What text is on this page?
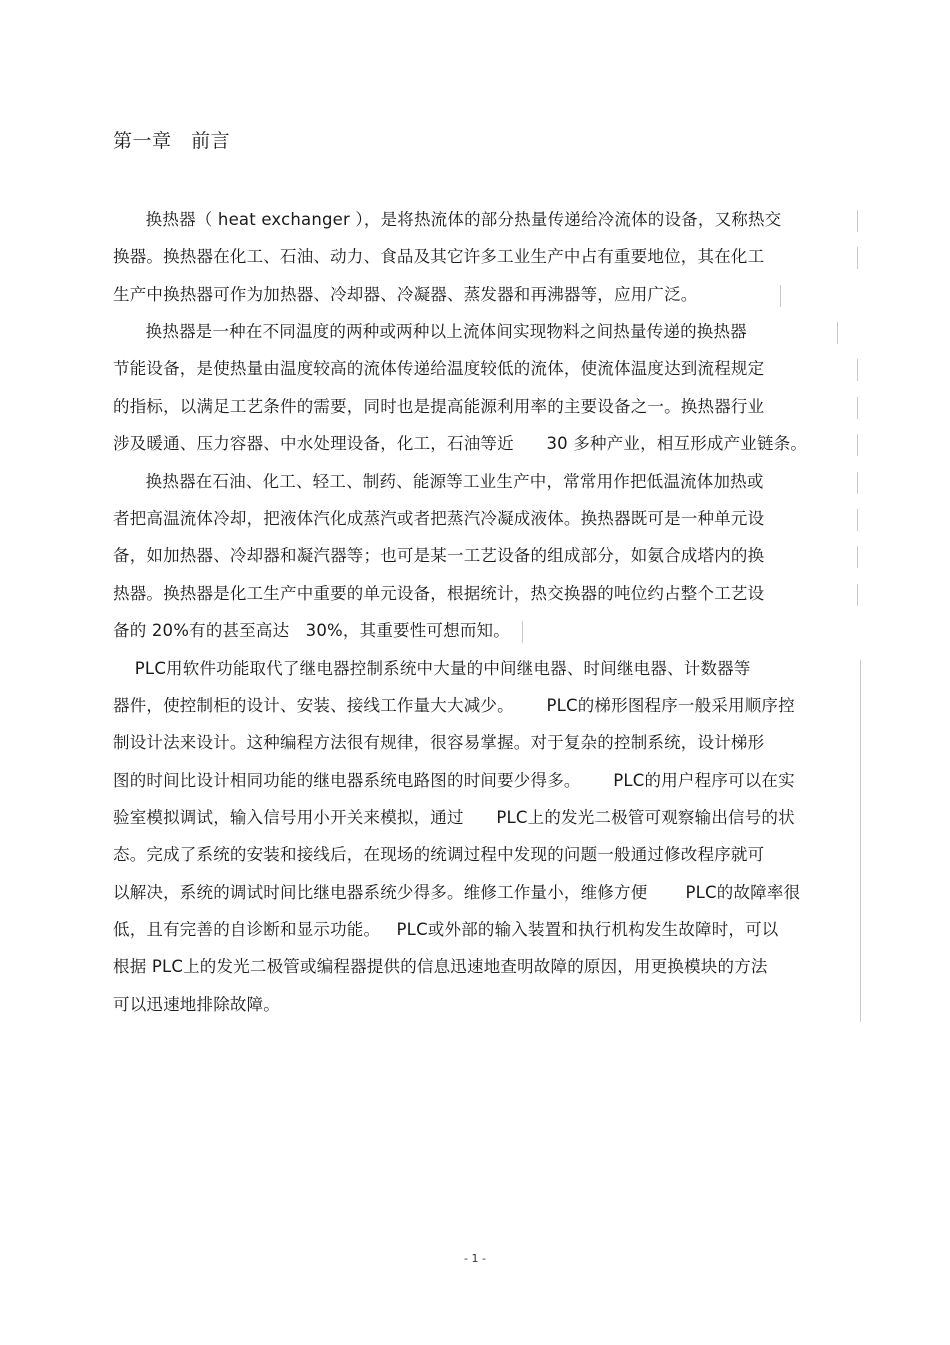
第一章   前言
换热器（ heat exchanger ），是将热流体的部分热量传递给冷流体的设备，又称热交
换器。换热器在化工、石油、动力、食品及其它许多工业生产中占有重要地位，其在化工
生产中换热器可作为加热器、冷却器、冷凝器、蒸发器和再沸器等，应用广泛。
换热器是一种在不同温度的两种或两种以上流体间实现物料之间热量传递的换热器
节能设备，是使热量由温度较高的流体传递给温度较低的流体，使流体温度达到流程规定
的指标，以满足工艺条件的需要，同时也是提高能源利用率的主要设备之一。换热器行业
涉及暖通、压力容器、中水处理设备，化工，石油等近      30 多种产业，相互形成产业链条。
换热器在石油、化工、轻工、制药、能源等工业生产中，常常用作把低温流体加热或
者把高温流体冷却，把液体汽化成蒸汽或者把蒸汽冷凝成液体。换热器既可是一种单元设
备，如加热器、冷却器和凝汽器等；也可是某一工艺设备的组成部分，如氨合成塔内的换
热器。换热器是化工生产中重要的单元设备，根据统计，热交换器的吨位约占整个工艺设
备的 20%有的甚至高达   30%，其重要性可想而知。
PLC用软件功能取代了继电器控制系统中大量的中间继电器、时间继电器、计数器等
器件，使控制柜的设计、安装、接线工作量大大减少。      PLC的梯形图程序一般采用顺序控
制设计法来设计。这种编程方法很有规律，很容易掌握。对于复杂的控制系统，设计梯形
图的时间比设计相同功能的继电器系统电路图的时间要少得多。      PLC的用户程序可以在实
验室模拟调试，输入信号用小开关来模拟，通过      PLC上的发光二极管可观察输出信号的状
态。完成了系统的安装和接线后，在现场的统调过程中发现的问题一般通过修改程序就可
以解决，系统的调试时间比继电器系统少得多。维修工作量小，维修方便       PLC的故障率很
低，且有完善的自诊断和显示功能。   PLC或外部的输入装置和执行机构发生故障时，可以
根据 PLC上的发光二极管或编程器提供的信息迅速地查明故障的原因，用更换模块的方法
可以迅速地排除故障。
- 1 -
